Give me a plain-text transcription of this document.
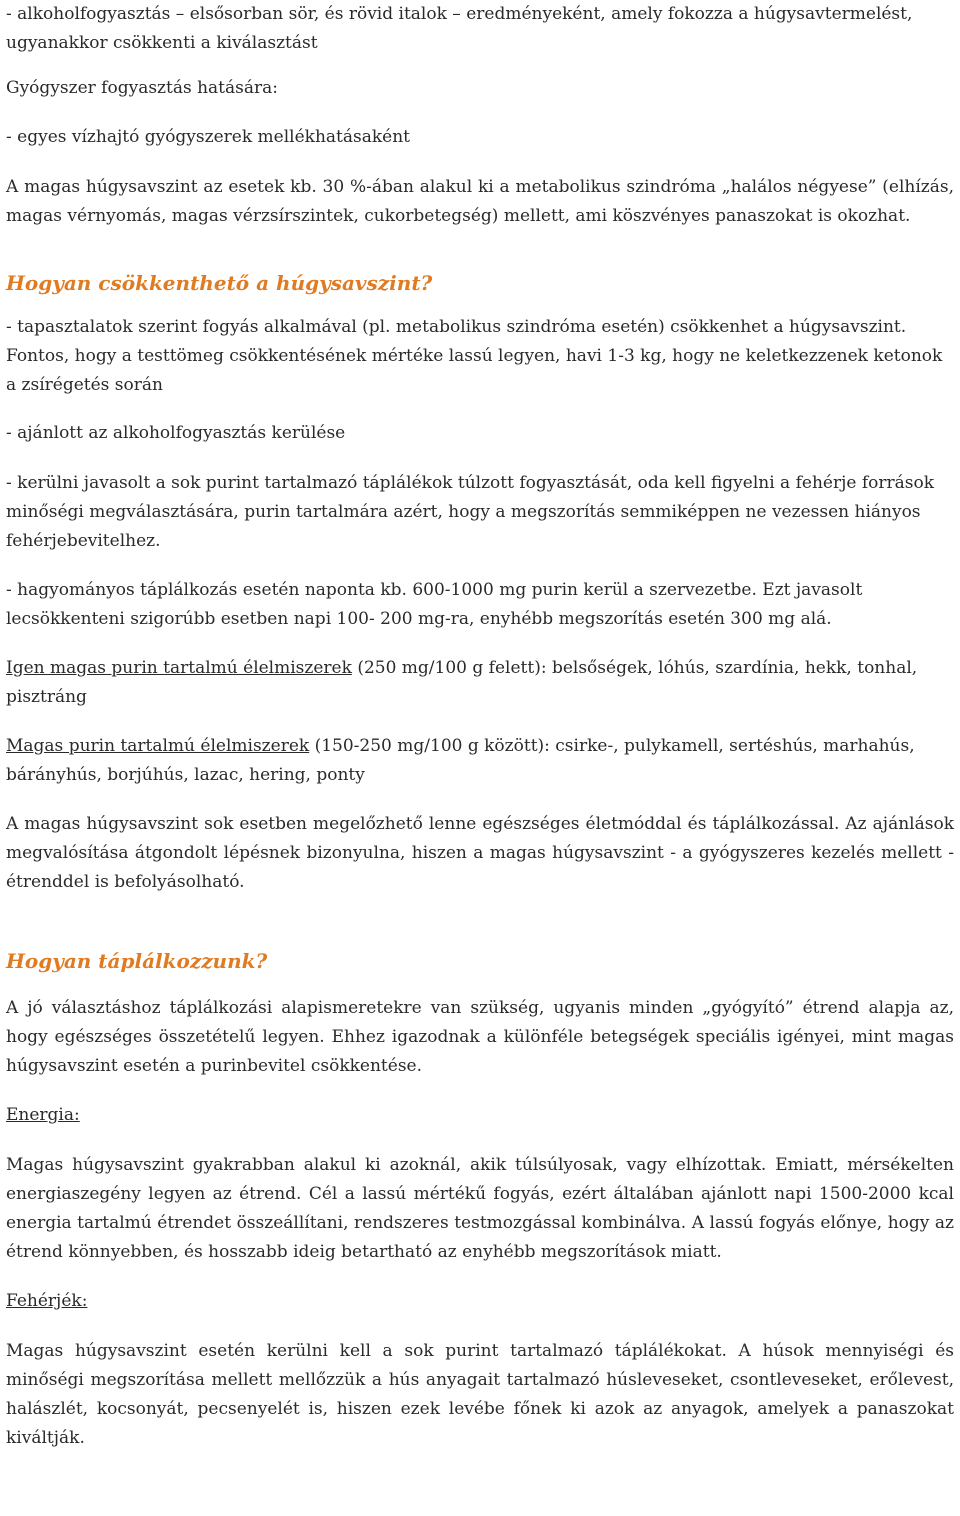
- alkoholfogyasztás – elsősorban sör, és rövid italok – eredményeként, amely fokozza a húgysavtermelést, ugyanakkor csökkenti a kiválasztást

Gyógyszer fogyasztás hatására:

- egyes vízhajtó gyógyszerek mellékhatásaként

A magas húgysavszint az esetek kb. 30 %-ában alakul ki a metabolikus szindróma „halálos négyese” (elhízás, magas vérnyomás, magas vérzsírszintek, cukorbetegség) mellett, ami köszvényes panaszokat is okozhat.

Hogyan csökkenthető a húgysavszint?

- tapasztalatok szerint fogyás alkalmával (pl. metabolikus szindróma esetén) csökkenhet a húgysavszint.
Fontos, hogy a testtömeg csökkentésének mértéke lassú legyen, havi 1-3 kg, hogy ne keletkezzenek ketonok a zsírégetés során

- ajánlott az alkoholfogyasztás kerülése

- kerülni javasolt a sok purint tartalmazó táplálékok túlzott fogyasztását, oda kell figyelni a fehérje források minőségi megválasztására, purin tartalmára azért, hogy a megszorítás semmiképpen ne vezessen hiányos fehérjebevitelhez.

- hagyományos táplálkozás esetén naponta kb. 600-1000 mg purin kerül a szervezetbe. Ezt javasolt lecsökkenteni szigorúbb esetben napi 100- 200 mg-ra, enyhébb megszorítás esetén 300 mg alá.

Igen magas purin tartalmú élelmiszerek (250 mg/100 g felett): belsőségek, lóhús, szardínia, hekk, tonhal, pisztráng

Magas purin tartalmú élelmiszerek (150-250 mg/100 g között): csirke-, pulykamell, sertéshús, marhahús, bárányhús, borjúhús, lazac, hering, ponty

A magas húgysavszint sok esetben megelőzhető lenne egészséges életmóddal és táplálkozással. Az ajánlások megvalósítása átgondolt lépésnek bizonyulna, hiszen a magas húgysavszint - a gyógyszeres kezelés mellett - étrenddel is befolyásolható.

Hogyan táplálkozzunk?

A jó választáshoz táplálkozási alapismeretekre van szükség, ugyanis minden „gyógyító” étrend alapja az, hogy egészséges összetételű legyen. Ehhez igazodnak a különféle betegségek speciális igényei, mint magas húgysavszint esetén a purinbevitel csökkentése.

Energia:

Magas húgysavszint gyakrabban alakul ki azoknál, akik túlsúlyosak, vagy elhízottak. Emiatt, mérsékelten energiaszegény legyen az étrend. Cél a lassú mértékű fogyás, ezért általában ajánlott napi 1500-2000 kcal energia tartalmú étrendet összeállítani, rendszeres testmozgással kombinálva. A lassú fogyás előnye, hogy az étrend könnyebben, és hosszabb ideig betartható az enyhébb megszorítások miatt.

Fehérjék:

Magas húgysavszint esetén kerülni kell a sok purint tartalmazó táplálékokat. A húsok mennyiségi és minőségi megszorítása mellett mellőzzük a hús anyagait tartalmazó húsleveseket, csontleveseket, erőlevest, halászlét, kocsonyát, pecsenyelét is, hiszen ezek levébe főnek ki azok az anyagok, amelyek a panaszokat kiváltják.
